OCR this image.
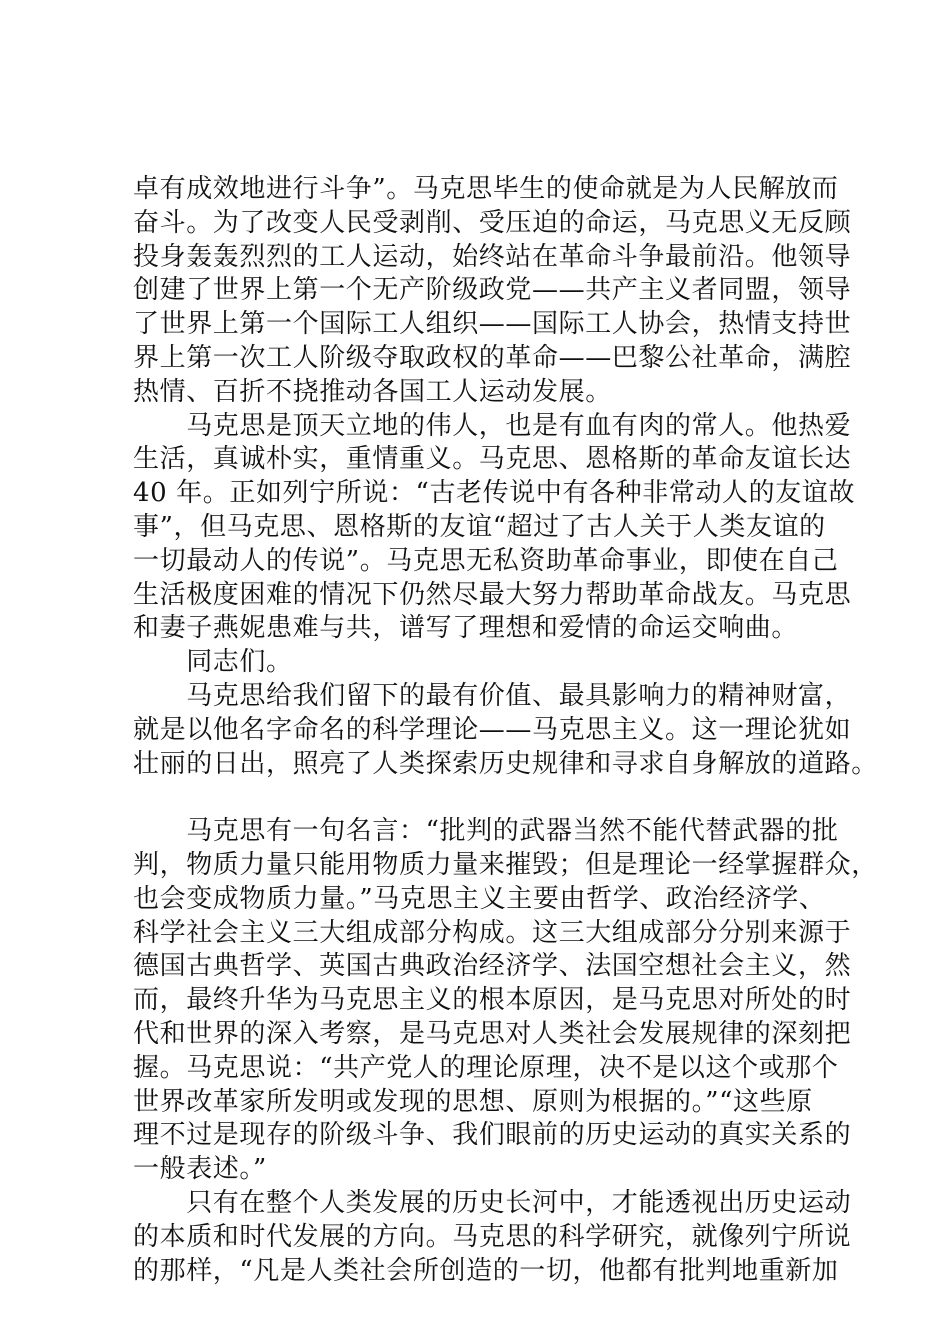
卓有成效地进行斗争”。马克思毕生的使命就是为人民解放而
奋斗。为了改变人民受剥削、受压迫的命运，马克思义无反顾
投身轰轰烈烈的工人运动，始终站在革命斗争最前沿。他领导
创建了世界上第一个无产阶级政党——共产主义者同盟，领导
了世界上第一个国际工人组织——国际工人协会，热情支持世
界上第一次工人阶级夺取政权的革命——巴黎公社革命，满腔
热情、百折不挠推动各国工人运动发展。
　　马克思是顶天立地的伟人，也是有血有肉的常人。他热爱
生活，真诚朴实，重情重义。马克思、恩格斯的革命友谊长达
40 年。正如列宁所说：“古老传说中有各种非常动人的友谊故
事”，但马克思、恩格斯的友谊“超过了古人关于人类友谊的
一切最动人的传说”。马克思无私资助革命事业，即使在自己
生活极度困难的情况下仍然尽最大努力帮助革命战友。马克思
和妻子燕妮患难与共，谱写了理想和爱情的命运交响曲。
　　同志们。
　　马克思给我们留下的最有价值、最具影响力的精神财富，
就是以他名字命名的科学理论——马克思主义。这一理论犹如
壮丽的日出，照亮了人类探索历史规律和寻求自身解放的道路。
　　马克思有一句名言：“批判的武器当然不能代替武器的批
判，物质力量只能用物质力量来摧毁；但是理论一经掌握群众，
也会变成物质力量。”马克思主义主要由哲学、政治经济学、
科学社会主义三大组成部分构成。这三大组成部分分别来源于
德国古典哲学、英国古典政治经济学、法国空想社会主义，然
而，最终升华为马克思主义的根本原因，是马克思对所处的时
代和世界的深入考察，是马克思对人类社会发展规律的深刻把
握。马克思说：“共产党人的理论原理，决不是以这个或那个
世界改革家所发明或发现的思想、原则为根据的。”“这些原
理不过是现存的阶级斗争、我们眼前的历史运动的真实关系的
一般表述。”
　　只有在整个人类发展的历史长河中，才能透视出历史运动
的本质和时代发展的方向。马克思的科学研究，就像列宁所说
的那样，“凡是人类社会所创造的一切，他都有批判地重新加
